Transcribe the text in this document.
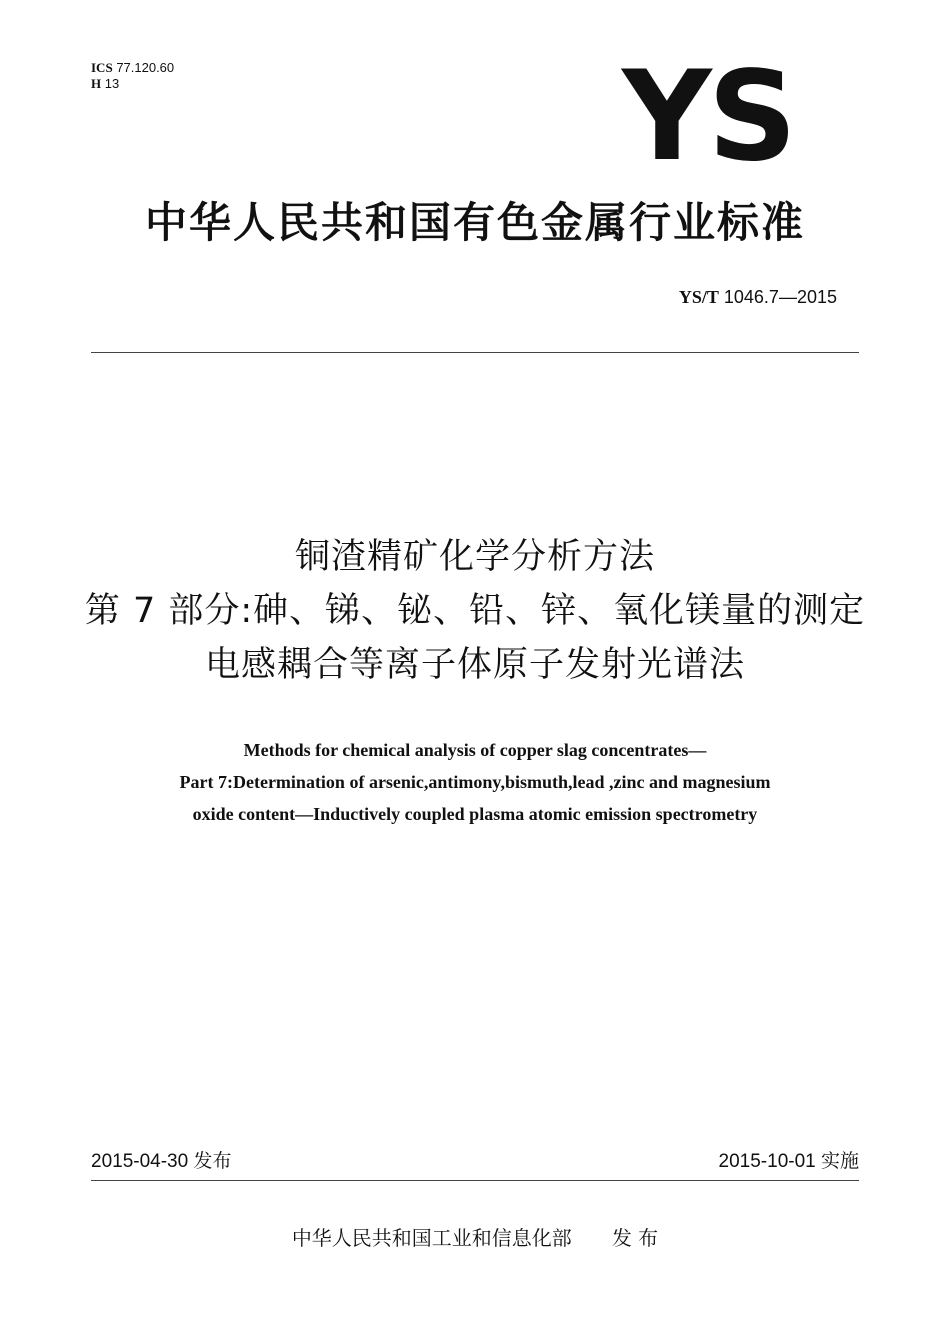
ICS 77.120.60
H 13	YS
中华人民共和国有色金属行业标准
YS/T 1046.7—2015
铜渣精矿化学分析方法
第 7 部分:砷、锑、铋、铅、锌、氧化镁量的测定
电感耦合等离子体原子发射光谱法
Methods for chemical analysis of copper slag concentrates—
Part 7:Determination of arsenic,antimony,bismuth,lead ,zinc and magnesium
oxide content—Inductively coupled plasma atomic emission spectrometry
2015-04-30 发布	2015-10-01 实施
中华人民共和国工业和信息化部 发 布
